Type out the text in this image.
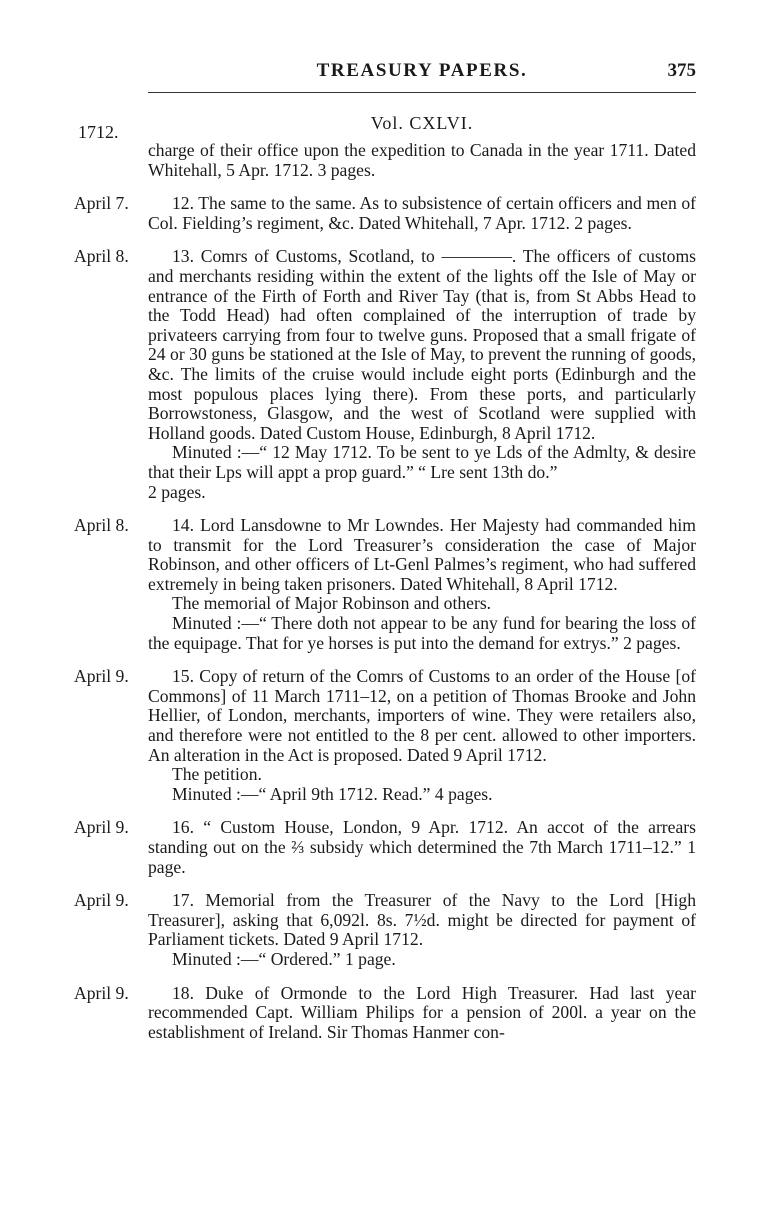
TREASURY PAPERS.	375
1712.	Vol. CXLVI.

charge of their office upon the expedition to Canada in the year 1711. Dated Whitehall, 5 Apr. 1712. 3 pages.

April 7.	12. The same to the same. As to subsistence of certain officers and men of Col. Fielding’s regiment, &c. Dated Whitehall, 7 Apr. 1712. 2 pages.

April 8.	13. Comrs of Customs, Scotland, to ————. The officers of customs and merchants residing within the extent of the lights off the Isle of May or entrance of the Firth of Forth and River Tay (that is, from St Abbs Head to the Todd Head) had often complained of the interruption of trade by privateers carrying from four to twelve guns. Proposed that a small frigate of 24 or 30 guns be stationed at the Isle of May, to prevent the running of goods, &c. The limits of the cruise would include eight ports (Edinburgh and the most populous places lying there). From these ports, and particularly Borrowstoness, Glasgow, and the west of Scotland were supplied with Holland goods. Dated Custom House, Edinburgh, 8 April 1712.

Minuted :—“ 12 May 1712. To be sent to ye Lds of the Admlty, & desire that their Lps will appt a prop guard.” “ Lre sent 13th do.”

2 pages.

April 8.	14. Lord Lansdowne to Mr Lowndes. Her Majesty had commanded him to transmit for the Lord Treasurer’s consideration the case of Major Robinson, and other officers of Lt-Genl Palmes’s regiment, who had suffered extremely in being taken prisoners. Dated Whitehall, 8 April 1712.

The memorial of Major Robinson and others.

Minuted :—“ There doth not appear to be any fund for bearing the loss of the equipage. That for ye horses is put into the demand for extrys.” 2 pages.

April 9.	15. Copy of return of the Comrs of Customs to an order of the House [of Commons] of 11 March 1711–12, on a petition of Thomas Brooke and John Hellier, of London, merchants, importers of wine. They were retailers also, and therefore were not entitled to the 8 per cent. allowed to other importers. An alteration in the Act is proposed. Dated 9 April 1712.

The petition.

Minuted :—“ April 9th 1712. Read.” 4 pages.

April 9.	16. “ Custom House, London, 9 Apr. 1712. An accot of the arrears standing out on the ⅔ subsidy which determined the 7th March 1711–12.” 1 page.

April 9.	17. Memorial from the Treasurer of the Navy to the Lord [High Treasurer], asking that 6,092l. 8s. 7½d. might be directed for payment of Parliament tickets. Dated 9 April 1712.

Minuted :—“ Ordered.” 1 page.

April 9.	18. Duke of Ormonde to the Lord High Treasurer. Had last year recommended Capt. William Philips for a pension of 200l. a year on the establishment of Ireland. Sir Thomas Hanmer con-
